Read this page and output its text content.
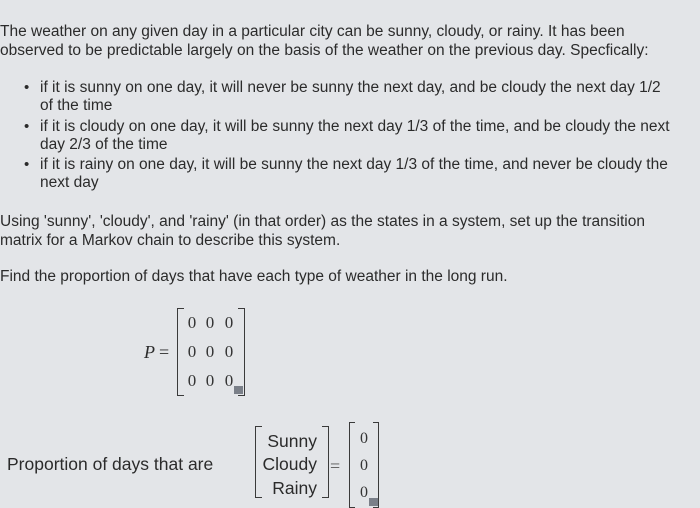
The weather on any given day in a particular city can be sunny, cloudy, or rainy. It has been
observed to be predictable largely on the basis of the weather on the previous day. Specfically:
• if it is sunny on one day, it will never be sunny the next day, and be cloudy the next day 1/2
of the time
• if it is cloudy on one day, it will be sunny the next day 1/3 of the time, and be cloudy the next
day 2/3 of the time
• if it is rainy on one day, it will be sunny the next day 1/3 of the time, and never be cloudy the
next day
Using 'sunny', 'cloudy', and 'rainy' (in that order) as the states in a system, set up the transition
matrix for a Markov chain to describe this system.
Find the proportion of days that have each type of weather in the long run.
P =
0 0 0
0 0 0
0 0 0
Proportion of days that are
Sunny
Cloudy
Rainy
=
0
0
0
